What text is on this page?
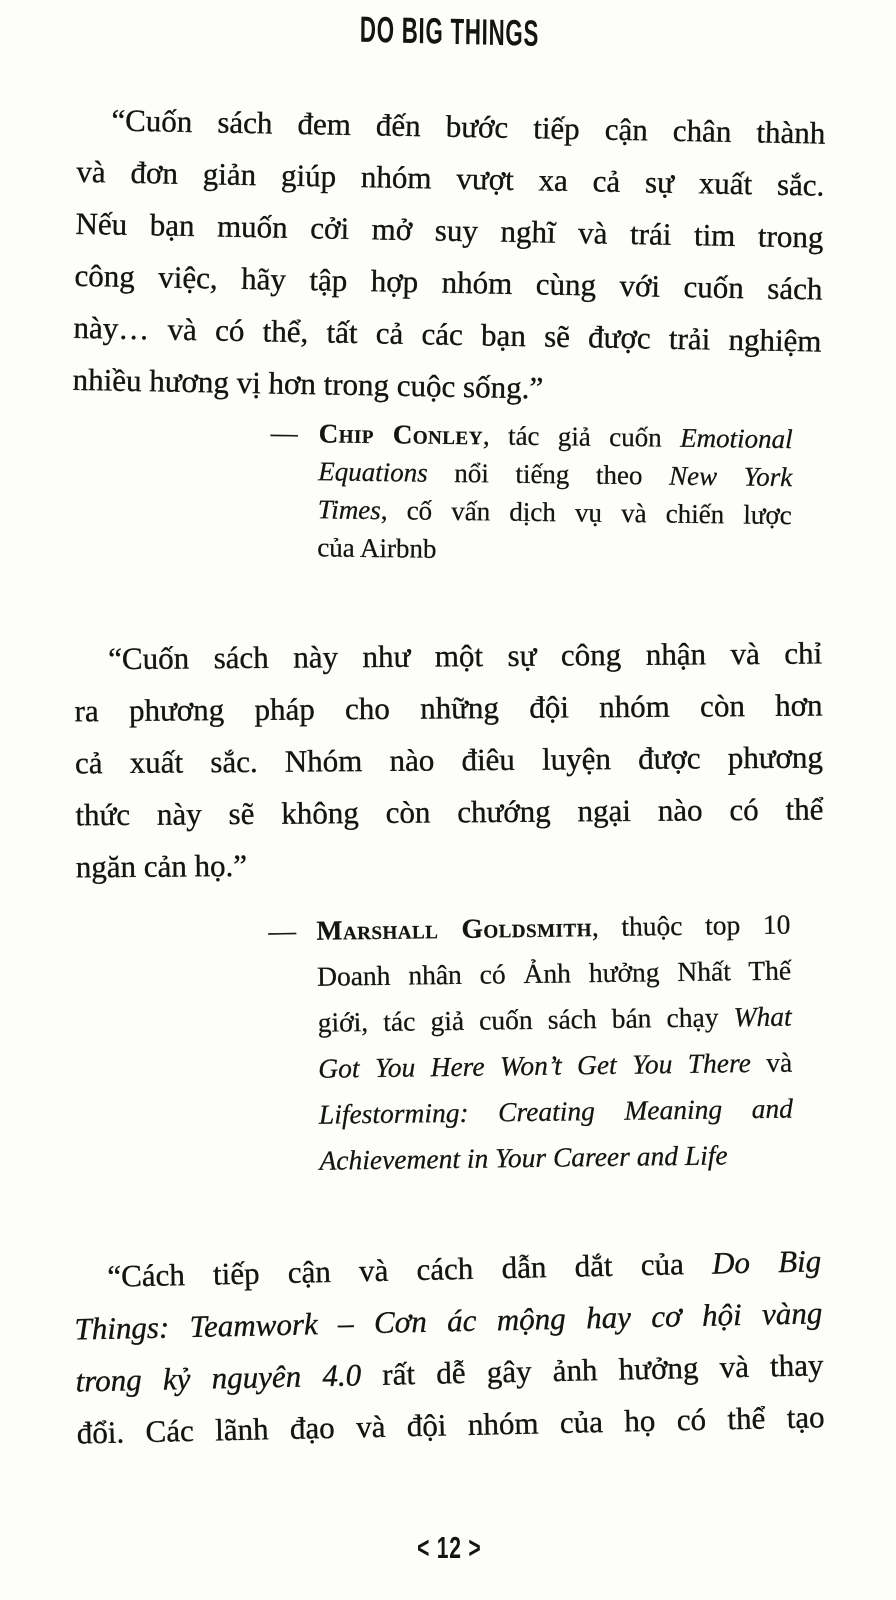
DO BIG THINGS
“Cuốn sách đem đến bước tiếp cận chân thành
và đơn giản giúp nhóm vượt xa cả sự xuất sắc.
Nếu bạn muốn cởi mở suy nghĩ và trái tim trong
công việc, hãy tập hợp nhóm cùng với cuốn sách
này… và có thể, tất cả các bạn sẽ được trải nghiệm
nhiều hương vị hơn trong cuộc sống.”
— Chip Conley, tác giả cuốn Emotional
Equations nổi tiếng theo New York
Times, cố vấn dịch vụ và chiến lược
của Airbnb
“Cuốn sách này như một sự công nhận và chỉ
ra phương pháp cho những đội nhóm còn hơn
cả xuất sắc. Nhóm nào điêu luyện được phương
thức này sẽ không còn chướng ngại nào có thể
ngăn cản họ.”
— Marshall Goldsmith, thuộc top 10
Doanh nhân có Ảnh hưởng Nhất Thế
giới, tác giả cuốn sách bán chạy What
Got You Here Won’t Get You There và
Lifestorming: Creating Meaning and
Achievement in Your Career and Life
“Cách tiếp cận và cách dẫn dắt của Do Big
Things: Teamwork – Cơn ác mộng hay cơ hội vàng
trong kỷ nguyên 4.0 rất dễ gây ảnh hưởng và thay
đổi. Các lãnh đạo và đội nhóm của họ có thể tạo
< 12 >
